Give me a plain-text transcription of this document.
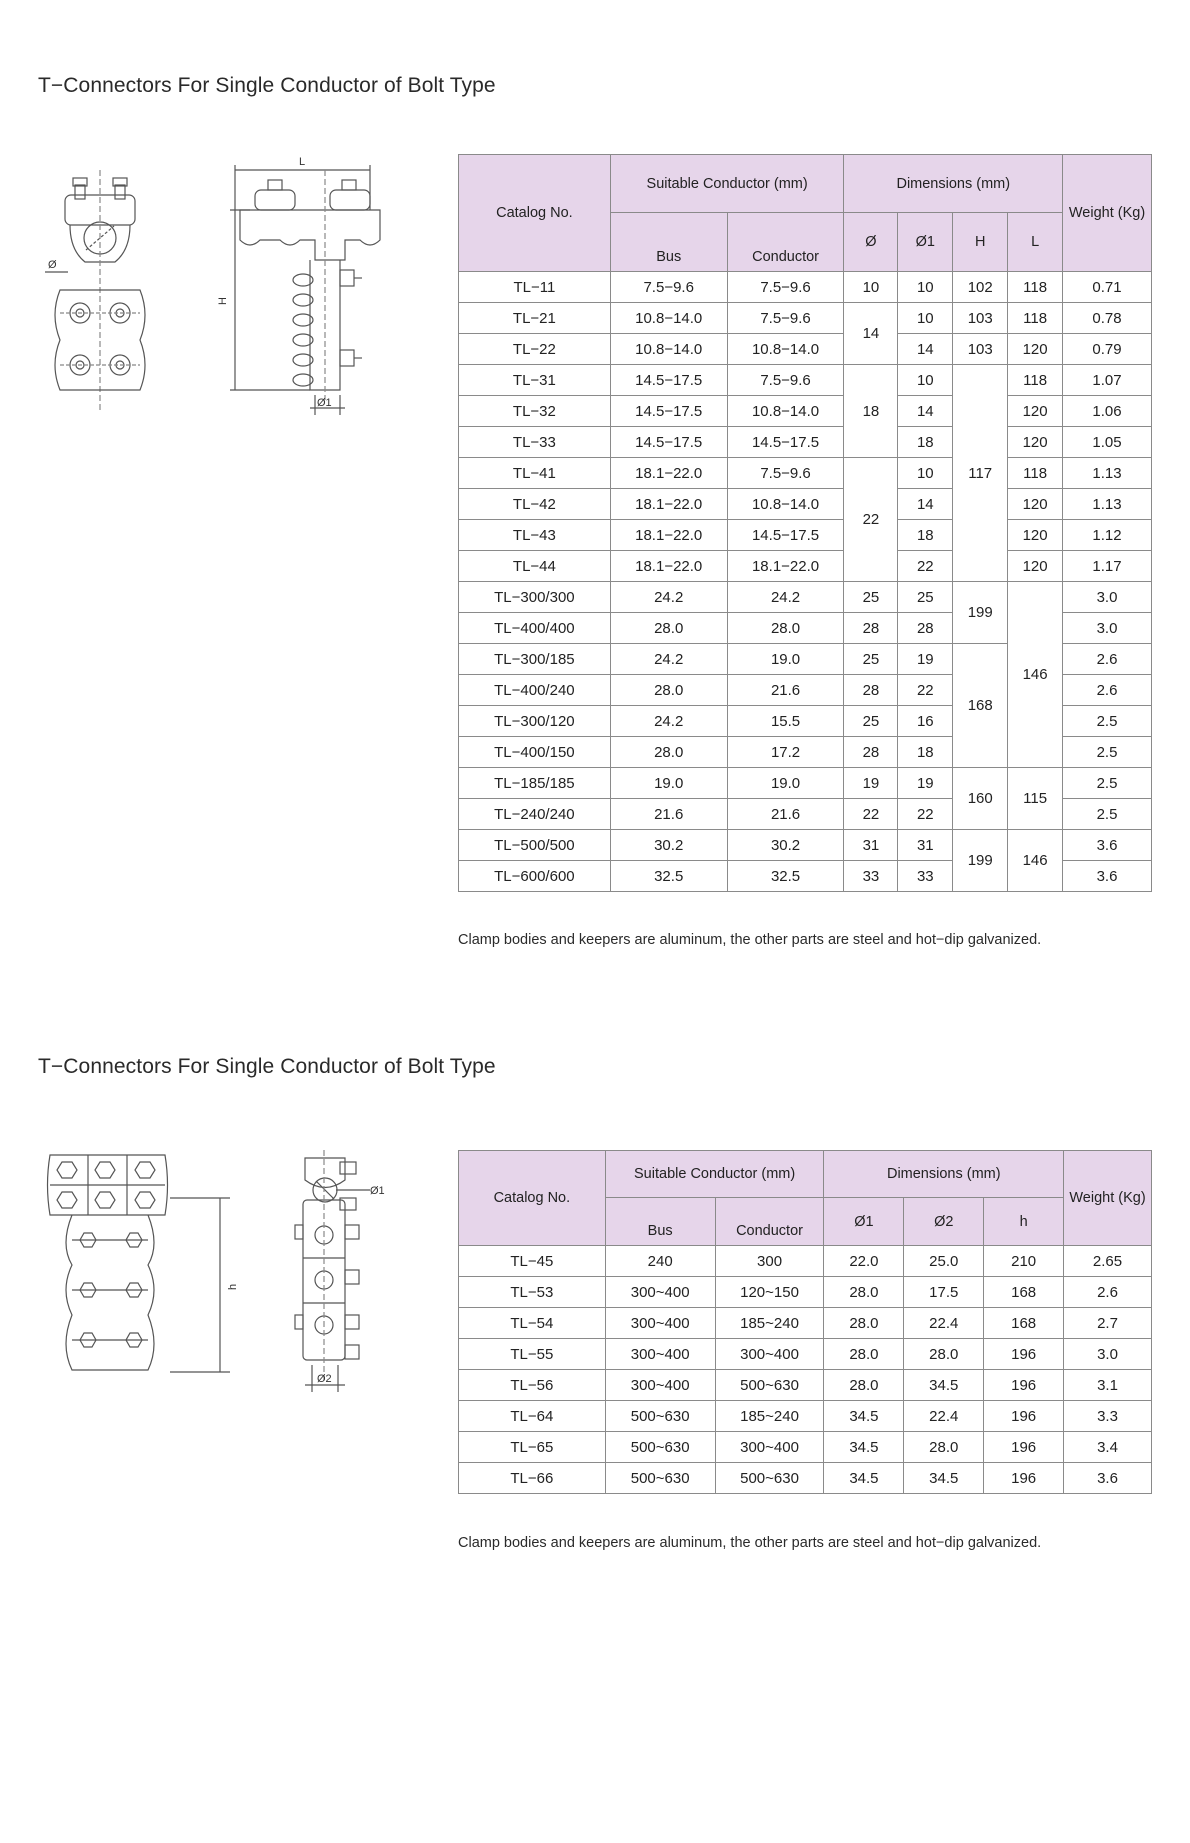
T−Connectors For Single Conductor of Bolt Type
L
H
Ø
Ø1
Catalog No.	Suitable Conductor (mm)		Dimensions (mm)				Weight (Kg)
	Bus	Conductor	Ø	Ø1	H	L	
TL−11	7.5−9.6	7.5−9.6	10	10	102	118	0.71
TL−21	10.8−14.0	7.5−9.6	14	10	103	118	0.78
TL−22	10.8−14.0	10.8−14.0		14	103	120	0.79
TL−31	14.5−17.5	7.5−9.6	18	10	117	118	1.07
TL−32	14.5−17.5	10.8−14.0		14		120	1.06
TL−33	14.5−17.5	14.5−17.5		18		120	1.05
TL−41	18.1−22.0	7.5−9.6	22	10		118	1.13
TL−42	18.1−22.0	10.8−14.0		14		120	1.13
TL−43	18.1−22.0	14.5−17.5		18		120	1.12
TL−44	18.1−22.0	18.1−22.0		22		120	1.17
TL−300/300	24.2	24.2	25	25	199	146	3.0
TL−400/400	28.0	28.0	28	28			3.0
TL−300/185	24.2	19.0	25	19	168		2.6
TL−400/240	28.0	21.6	28	22			2.6
TL−300/120	24.2	15.5	25	16			2.5
TL−400/150	28.0	17.2	28	18			2.5
TL−185/185	19.0	19.0	19	19	160	115	2.5
TL−240/240	21.6	21.6	22	22			2.5
TL−500/500	30.2	30.2	31	31	199	146	3.6
TL−600/600	32.5	32.5	33	33			3.6
Clamp bodies and keepers are aluminum, the other parts are steel and hot−dip galvanized.
T−Connectors For Single Conductor of Bolt Type
h
Ø1
Ø2
Catalog No.	Suitable Conductor (mm)		Dimensions (mm)			Weight (Kg)
	Bus	Conductor	Ø1	Ø2	h	
TL−45	240	300	22.0	25.0	210	2.65
TL−53	300~400	120~150	28.0	17.5	168	2.6
TL−54	300~400	185~240	28.0	22.4	168	2.7
TL−55	300~400	300~400	28.0	28.0	196	3.0
TL−56	300~400	500~630	28.0	34.5	196	3.1
TL−64	500~630	185~240	34.5	22.4	196	3.3
TL−65	500~630	300~400	34.5	28.0	196	3.4
TL−66	500~630	500~630	34.5	34.5	196	3.6
Clamp bodies and keepers are aluminum, the other parts are steel and hot−dip galvanized.
